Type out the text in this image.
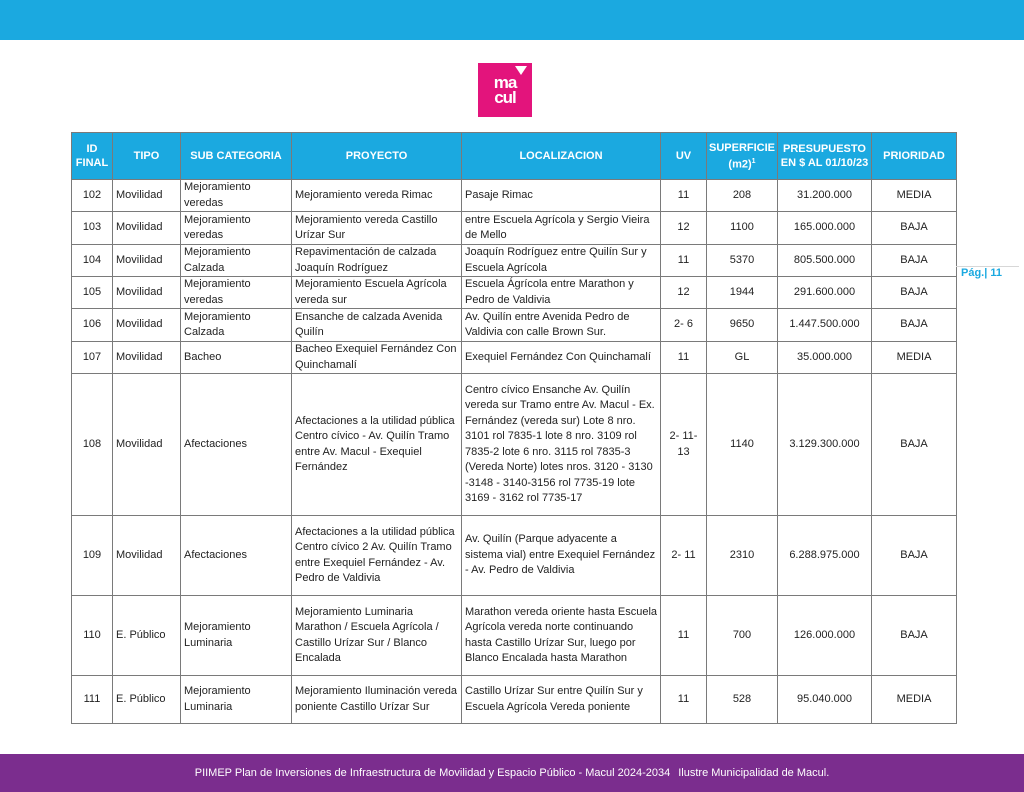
ma
cul
ID FINAL	TIPO	SUB CATEGORIA	PROYECTO	LOCALIZACION	UV	SUPERFICIE $(m2)^1$	PRESUPUESTO EN $ AL 01/10/23	PRIORIDAD
102	Movilidad	Mejoramiento veredas	Mejoramiento vereda Rimac	Pasaje Rimac	11	208	31.200.000	MEDIA
103	Movilidad	Mejoramiento veredas	Mejoramiento vereda Castillo Urízar Sur	entre Escuela Agrícola y Sergio Vieira de Mello	12	1100	165.000.000	BAJA
104	Movilidad	Mejoramiento Calzada	Repavimentación de calzada Joaquín Rodríguez	Joaquín Rodríguez entre Quilín Sur y Escuela Agrícola	11	5370	805.500.000	BAJA
105	Movilidad	Mejoramiento veredas	Mejoramiento Escuela Agrícola vereda sur	Escuela Ágrícola entre Marathon y Pedro de Valdivia	12	1944	291.600.000	BAJA
106	Movilidad	Mejoramiento Calzada	Ensanche de calzada Avenida Quilín	Av. Quilín entre Avenida Pedro de Valdivia con calle Brown Sur.	2- 6	9650	1.447.500.000	BAJA
107	Movilidad	Bacheo	Bacheo Exequiel Fernández Con Quinchamalí	Exequiel Fernández Con Quinchamalí	11	GL	35.000.000	MEDIA
108	Movilidad	Afectaciones	Afectaciones a la utilidad pública Centro cívico - Av. Quilín Tramo entre Av. Macul - Exequiel Fernández	Centro cívico Ensanche Av. Quilín vereda sur Tramo entre Av. Macul - Ex. Fernández (vereda sur) Lote 8 nro. 3101 rol 7835-1 lote 8 nro. 3109 rol 7835-2 lote 6 nro. 3115 rol 7835-3 (Vereda Norte) lotes nros. 3120 - 3130 -3148 - 3140-3156 rol 7735-19 lote 3169 - 3162 rol 7735-17	2- 11-13	1140	3.129.300.000	BAJA
109	Movilidad	Afectaciones	Afectaciones a la utilidad pública Centro cívico 2 Av. Quilín Tramo entre Exequiel Fernández - Av. Pedro de Valdivia	Av. Quilín (Parque adyacente a sistema vial) entre Exequiel Fernández - Av. Pedro de Valdivia	2- 11	2310	6.288.975.000	BAJA
110	E. Público	Mejoramiento Luminaria	Mejoramiento Luminaria Marathon / Escuela Agrícola / Castillo Urízar Sur / Blanco Encalada	Marathon vereda oriente hasta Escuela Agrícola vereda norte continuando hasta Castillo Urízar Sur, luego por Blanco Encalada hasta Marathon	11	700	126.000.000	BAJA
111	E. Público	Mejoramiento Luminaria	Mejoramiento Iluminación vereda poniente Castillo Urízar Sur	Castillo Urízar Sur entre Quilín Sur y Escuela Agrícola Vereda poniente	11	528	95.040.000	MEDIA
Pág.| 11
PIIMEP Plan de Inversiones de Infraestructura de Movilidad y Espacio Público - Macul 2024-2034 Ilustre Municipalidad de Macul.
